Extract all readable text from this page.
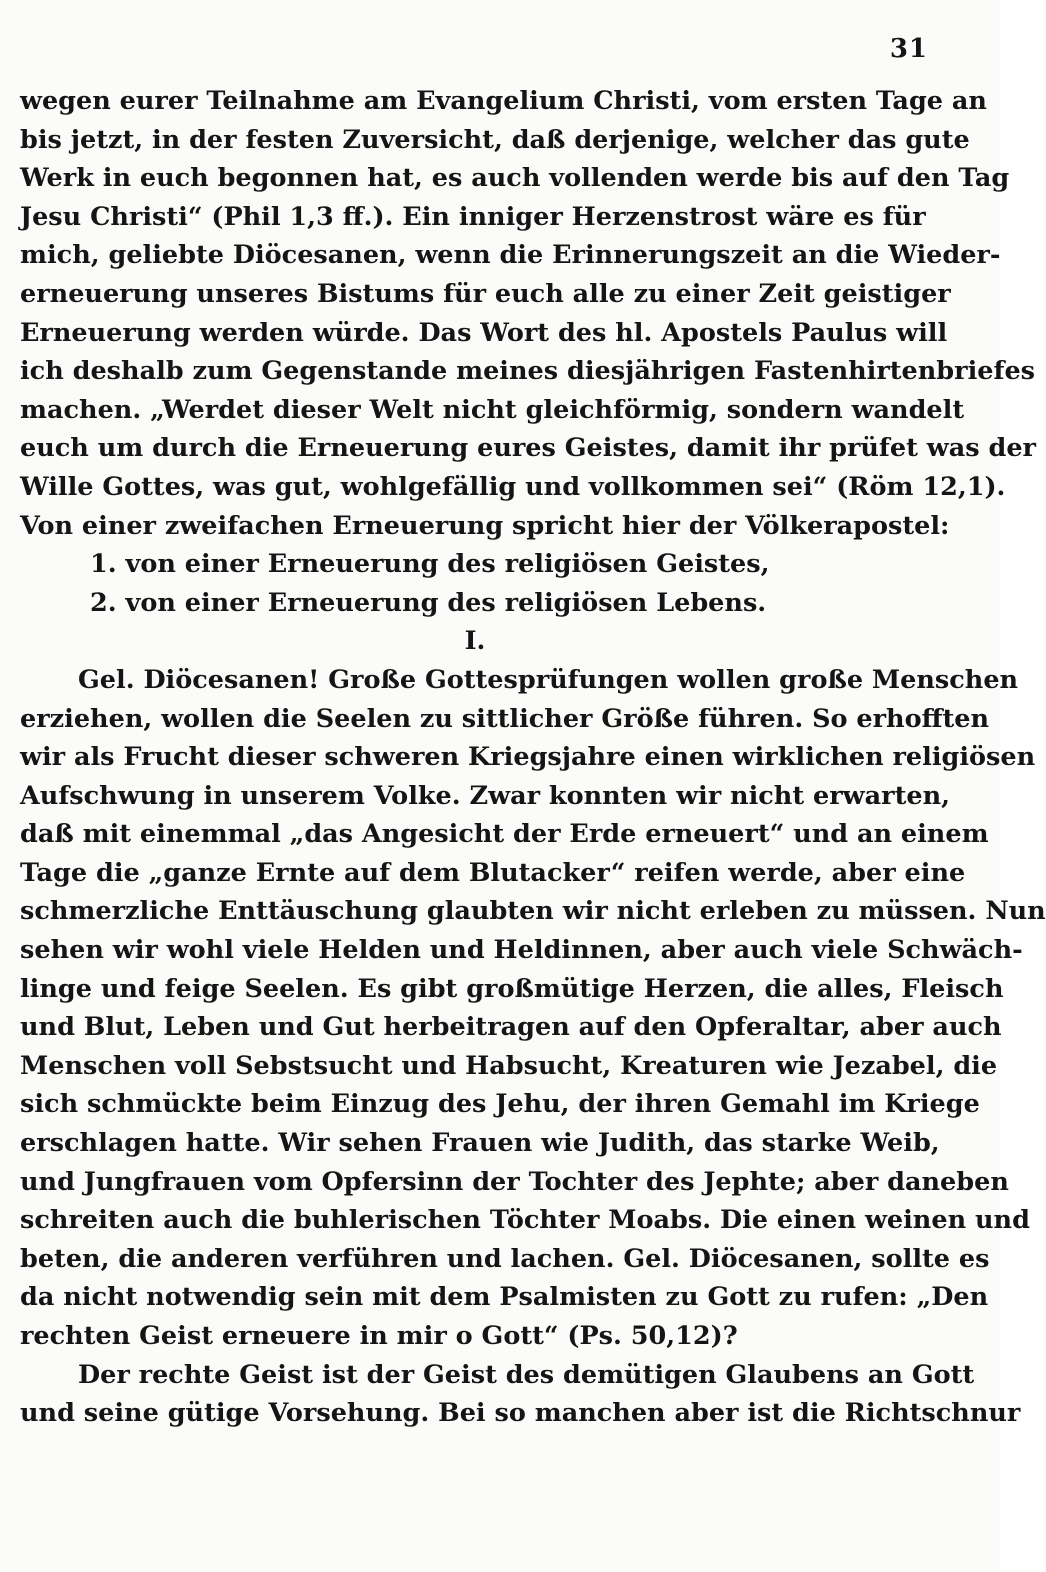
31
wegen eurer Teilnahme am Evangelium Christi, vom ersten Tage an
bis jetzt, in der festen Zuversicht, daß derjenige, welcher das gute
Werk in euch begonnen hat, es auch vollenden werde bis auf den Tag
Jesu Christi“ (Phil 1,3 ff.). Ein inniger Herzenstrost wäre es für
mich, geliebte Diöcesanen, wenn die Erinnerungszeit an die Wieder-
erneuerung unseres Bistums für euch alle zu einer Zeit geistiger
Erneuerung werden würde. Das Wort des hl. Apostels Paulus will
ich deshalb zum Gegenstande meines diesjährigen Fastenhirtenbriefes
machen. „Werdet dieser Welt nicht gleichförmig, sondern wandelt
euch um durch die Erneuerung eures Geistes, damit ihr prüfet was der
Wille Gottes, was gut, wohlgefällig und vollkommen sei“ (Röm 12,1).
Von einer zweifachen Erneuerung spricht hier der Völkerapostel:
1. von einer Erneuerung des religiösen Geistes,
2. von einer Erneuerung des religiösen Lebens.
I.
Gel. Diöcesanen! Große Gottesprüfungen wollen große Menschen
erziehen, wollen die Seelen zu sittlicher Größe führen. So erhofften
wir als Frucht dieser schweren Kriegsjahre einen wirklichen religiösen
Aufschwung in unserem Volke. Zwar konnten wir nicht erwarten,
daß mit einemmal „das Angesicht der Erde erneuert“ und an einem
Tage die „ganze Ernte auf dem Blutacker“ reifen werde, aber eine
schmerzliche Enttäuschung glaubten wir nicht erleben zu müssen. Nun
sehen wir wohl viele Helden und Heldinnen, aber auch viele Schwäch-
linge und feige Seelen. Es gibt großmütige Herzen, die alles, Fleisch
und Blut, Leben und Gut herbeitragen auf den Opferaltar, aber auch
Menschen voll Sebstsucht und Habsucht, Kreaturen wie Jezabel, die
sich schmückte beim Einzug des Jehu, der ihren Gemahl im Kriege
erschlagen hatte. Wir sehen Frauen wie Judith, das starke Weib,
und Jungfrauen vom Opfersinn der Tochter des Jephte; aber daneben
schreiten auch die buhlerischen Töchter Moabs. Die einen weinen und
beten, die anderen verführen und lachen. Gel. Diöcesanen, sollte es
da nicht notwendig sein mit dem Psalmisten zu Gott zu rufen: „Den
rechten Geist erneuere in mir o Gott“ (Ps. 50,12)?
Der rechte Geist ist der Geist des demütigen Glaubens an Gott
und seine gütige Vorsehung. Bei so manchen aber ist die Richtschnur
